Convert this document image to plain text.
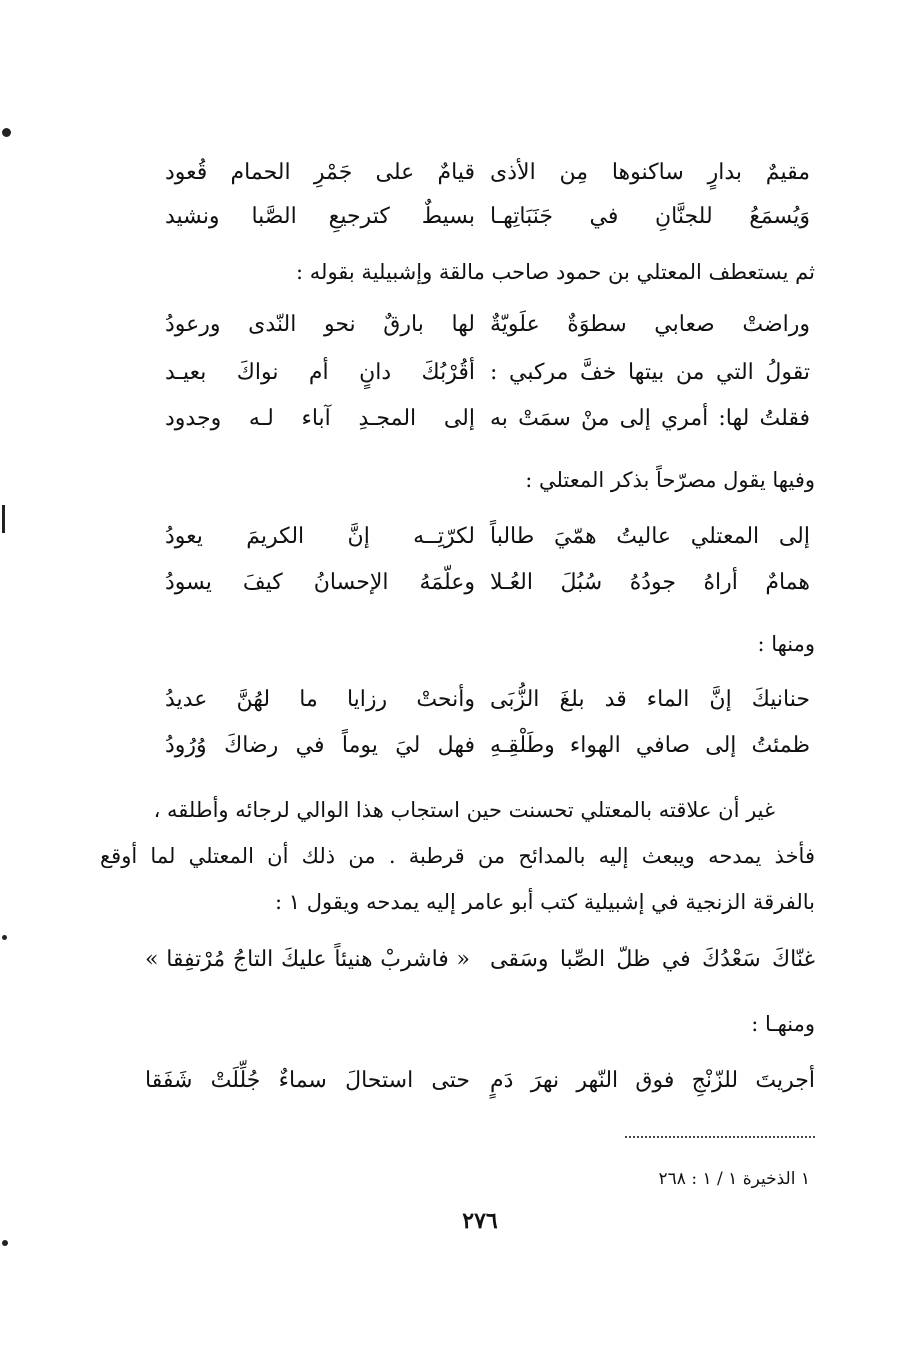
مقيمٌ بدارٍ ساكنوها مِن الأذى
قيامٌ على جَمْرِ الحمام قُعود
وَيُسمَعُ للجنَّانِ في جَنَبَاتِهـا
بسيطٌ كترجيعِ الصَّبا ونشيد
ثم يستعطف المعتلي بن حمود صاحب مالقة وإشبيلية بقوله :
وراضتْ صعابي سطوَةٌ علَويّةٌ
لها بارقٌ نحو النّدى ورعودُ
تقولُ التي من بيتها خفَّ مركبي :
أقُرْبُكَ دانٍ أم نواكَ بعيـد
فقلتُ لها: أمري إلى منْ سمَتْ به
إلى المجـدِ آباء لـه وجدود
وفيها يقول مصرّحاً بذكر المعتلي :
إلى المعتلي عاليتُ همّيَ طالباً
لكرّتِــه إنَّ الكريمَ يعودُ
همامٌ أراهُ جودُهُ سُبُلَ العُـلا
وعلّمَهُ الإحسانُ كيفَ يسودُ
ومنها :
حنانيكَ إنَّ الماء قد بلغَ الزُّبَى
وأنحتْ رزايا ما لهُنَّ عديدُ
ظمئتُ إلى صافي الهواء وطَلْقِـهِ
فهل ليَ يوماً في رضاكَ وُرُودُ
غير أن علاقته بالمعتلي تحسنت حين استجاب هذا الوالي لرجائه وأطلقه ،
فأخذ يمدحه ويبعث إليه بالمدائح من قرطبة . من ذلك أن المعتلي لما أوقع
بالفرقة الزنجية في إشبيلية كتب أبو عامر إليه يمدحه ويقول ١ :
غنّاكَ سَعْدُكَ في ظلّ الصِّبا وسَقى
« فاشربْ هنيئاً عليكَ التاجُ مُرْتفِقا »
ومنهـا :
أجريتَ للزّنْجِ فوق النّهر نهرَ دَمٍ
حتى استحالَ سماءٌ جُلِّلَتْ شَفَقا
١ الذخيرة ١ / ١ : ٢٦٨
٢٧٦
